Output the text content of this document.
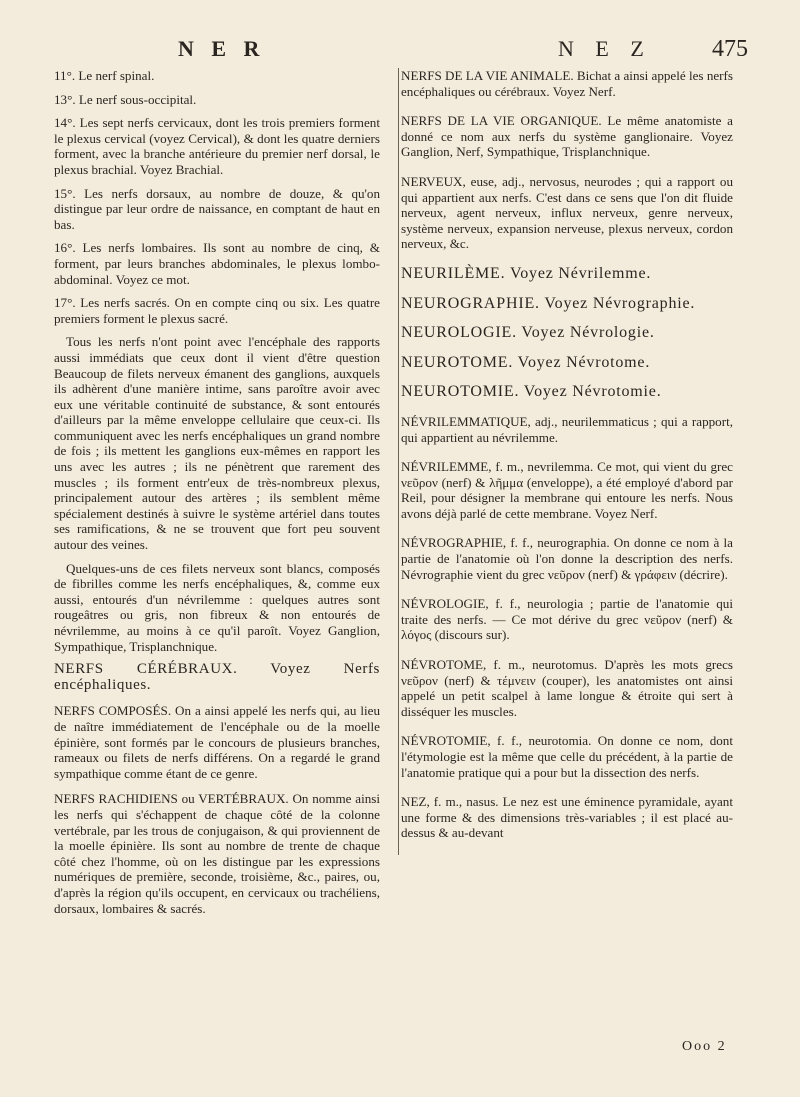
N E R	N E Z	475

11°. Le nerf spinal.

13°. Le nerf sous-occipital.

14°. Les sept nerfs cervicaux, dont les trois premiers forment le plexus cervical (voyez Cervical), & dont les quatre derniers forment, avec la branche antérieure du premier nerf dorsal, le plexus brachial. Voyez Brachial.

15°. Les nerfs dorsaux, au nombre de douze, & qu'on distingue par leur ordre de naissance, en comptant de haut en bas.

16°. Les nerfs lombaires. Ils sont au nombre de cinq, & forment, par leurs branches abdominales, le plexus lombo-abdominal. Voyez ce mot.

17°. Les nerfs sacrés. On en compte cinq ou six. Les quatre premiers forment le plexus sacré.

Tous les nerfs n'ont point avec l'encéphale des rapports aussi immédiats que ceux dont il vient d'être question Beaucoup de filets nerveux émanent des ganglions, auxquels ils adhèrent d'une manière intime, sans paroître avoir avec eux une véritable continuité de substance, & sont entourés d'ailleurs par la même enveloppe cellulaire que ceux-ci. Ils communiquent avec les nerfs encéphaliques un grand nombre de fois ; ils mettent les ganglions eux-mêmes en rapport les uns avec les autres ; ils ne pénètrent que rarement des muscles ; ils forment entr'eux de très-nombreux plexus, principalement autour des artères ; ils semblent même spécialement destinés à suivre le système artériel dans toutes ses ramifications, & ne se trouvent que fort peu souvent autour des veines.

Quelques-uns de ces filets nerveux sont blancs, composés de fibrilles comme les nerfs encéphaliques, &, comme eux aussi, entourés d'un névrilemme : quelques autres sont rougeâtres ou gris, non fibreux & non entourés de névrilemme, au moins à ce qu'il paroît. Voyez Ganglion, Sympathique, Trisplanchnique.

NERFS CÉRÉBRAUX. Voyez Nerfs encéphaliques.

NERFS COMPOSÉS. On a ainsi appelé les nerfs qui, au lieu de naître immédiatement de l'encéphale ou de la moelle épinière, sont formés par le concours de plusieurs branches, rameaux ou filets de nerfs différens. On a regardé le grand sympathique comme étant de ce genre.

NERFS RACHIDIENS ou VERTÉBRAUX. On nomme ainsi les nerfs qui s'échappent de chaque côté de la colonne vertébrale, par les trous de conjugaison, & qui proviennent de la moelle épinière. Ils sont au nombre de trente de chaque côté chez l'homme, où on les distingue par les expressions numériques de première, seconde, troisième, &c., paires, ou, d'après la région qu'ils occupent, en cervicaux ou trachéliens, dorsaux, lombaires & sacrés.

NERFS DE LA VIE ANIMALE. Bichat a ainsi appelé les nerfs encéphaliques ou cérébraux. Voyez Nerf.

NERFS DE LA VIE ORGANIQUE. Le même anatomiste a donné ce nom aux nerfs du système ganglionaire. Voyez Ganglion, Nerf, Sympathique, Trisplanchnique.

NERVEUX, euse, adj., nervosus, neurodes ; qui a rapport ou qui appartient aux nerfs. C'est dans ce sens que l'on dit fluide nerveux, agent nerveux, influx nerveux, genre nerveux, système nerveux, expansion nerveuse, plexus nerveux, cordon nerveux, &c.

NEURILÈME. Voyez Névrilemme.

NEUROGRAPHIE. Voyez Névrographie.

NEUROLOGIE. Voyez Névrologie.

NEUROTOME. Voyez Névrotome.

NEUROTOMIE. Voyez Névrotomie.

NÉVRILEMMATIQUE, adj., neurilemmaticus ; qui a rapport, qui appartient au névrilemme.

NÉVRILEMME, f. m., nevrilemma. Ce mot, qui vient du grec νεῦρον (nerf) & λῆμμα (enveloppe), a été employé d'abord par Reil, pour désigner la membrane qui entoure les nerfs. Nous avons déjà parlé de cette membrane. Voyez Nerf.

NÉVROGRAPHIE, f. f., neurographia. On donne ce nom à la partie de l'anatomie où l'on donne la description des nerfs. Névrographie vient du grec νεῦρον (nerf) & γράφειν (décrire).

NÉVROLOGIE, f. f., neurologia ; partie de l'anatomie qui traite des nerfs. — Ce mot dérive du grec νεῦρον (nerf) & λόγος (discours sur).

NÉVROTOME, f. m., neurotomus. D'après les mots grecs νεῦρον (nerf) & τέμνειν (couper), les anatomistes ont ainsi appelé un petit scalpel à lame longue & étroite qui sert à disséquer les muscles.

NÉVROTOMIE, f. f., neurotomia. On donne ce nom, dont l'étymologie est la même que celle du précédent, à la partie de l'anatomie pratique qui a pour but la dissection des nerfs.

NEZ, f. m., nasus. Le nez est une éminence pyramidale, ayant une forme & des dimensions très-variables ; il est placé au-dessus & au-devant

Ooo 2
